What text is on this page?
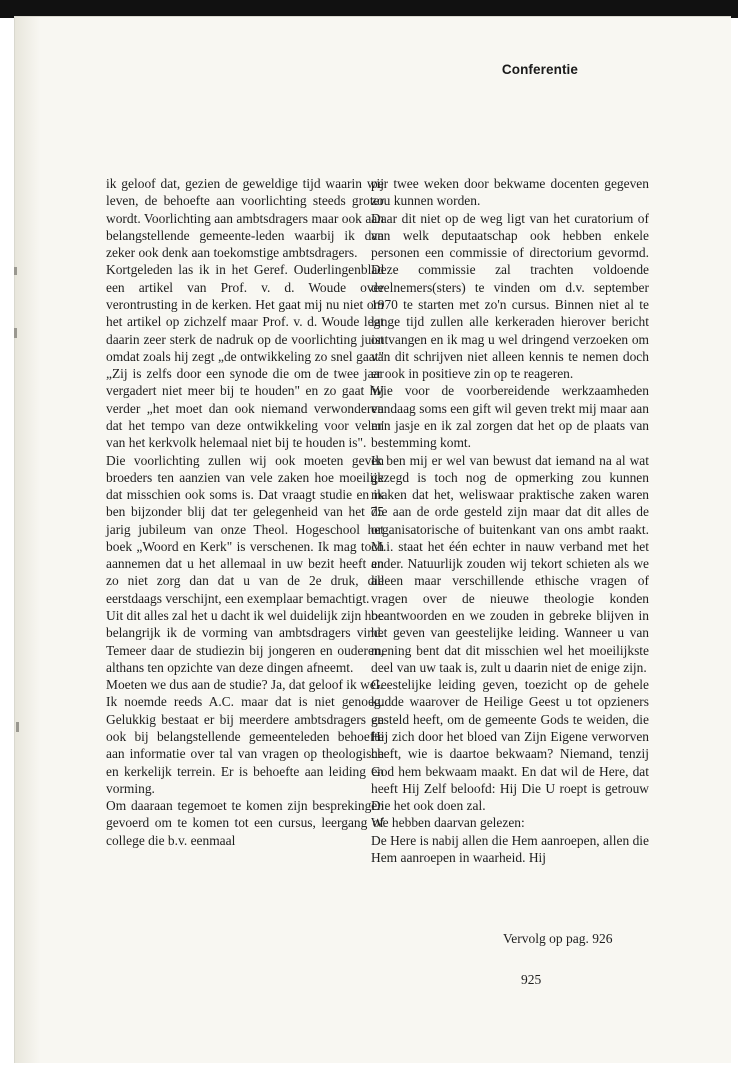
Conferentie

ik geloof dat, gezien de geweldige tijd waarin wij leven, de behoefte aan voorlichting steeds groter wordt. Voorlichting aan ambtsdragers maar ook aan belangstellende gemeente-leden waarbij ik dan zeker ook denk aan toekomstige ambtsdragers.

Kortgeleden las ik in het Geref. Ouderlingenblad een artikel van Prof. v. d. Woude over verontrusting in de kerken. Het gaat mij nu niet om het artikel op zichzelf maar Prof. v. d. Woude legt daarin zeer sterk de nadruk op de voorlichting juist omdat zoals hij zegt „de ontwikkeling zo snel gaat" „Zij is zelfs door een synode die om de twee jaar vergadert niet meer bij te houden" en zo gaat hij verder „het moet dan ook niemand verwonderen dat het tempo van deze ontwikkeling voor velen van het kerkvolk helemaal niet bij te houden is".

Die voorlichting zullen wij ook moeten geven broeders ten aanzien van vele zaken hoe moeilijk dat misschien ook soms is. Dat vraagt studie en ik ben bijzonder blij dat ter gelegenheid van het 75 jarig jubileum van onze Theol. Hogeschool het boek „Woord en Kerk" is verschenen. Ik mag toch aannemen dat u het allemaal in uw bezit heeft en zo niet zorg dan dat u van de 2e druk, die eerstdaags verschijnt, een exemplaar bemachtigt.

Uit dit alles zal het u dacht ik wel duidelijk zijn hoe belangrijk ik de vorming van ambtsdragers vind. Temeer daar de studiezin bij jongeren en ouderen, althans ten opzichte van deze dingen afneemt.

Moeten we dus aan de studie? Ja, dat geloof ik wel.

Ik noemde reeds A.C. maar dat is niet genoeg. Gelukkig bestaat er bij meerdere ambtsdragers en ook bij belangstellende gemeenteleden behoefte aan informatie over tal van vragen op theologisch en kerkelijk terrein. Er is behoefte aan leiding en vorming.

Om daaraan tegemoet te komen zijn besprekingen gevoerd om te komen tot een cursus, leergang of college die b.v. eenmaal

per twee weken door bekwame docenten gegeven zou kunnen worden.

Daar dit niet op de weg ligt van het curatorium of van welk deputaatschap ook hebben enkele personen een commissie of directorium gevormd. Deze commissie zal trachten voldoende deelnemers(sters) te vinden om d.v. september 1970 te starten met zo'n cursus. Binnen niet al te lange tijd zullen alle kerkeraden hierover bericht ontvangen en ik mag u wel dringend verzoeken om van dit schrijven niet alleen kennis te nemen doch er ook in positieve zin op te reageren.

Wie voor de voorbereidende werkzaamheden vandaag soms een gift wil geven trekt mij maar aan m'n jasje en ik zal zorgen dat het op de plaats van bestemming komt.

Ik ben mij er wel van bewust dat iemand na al wat gezegd is toch nog de opmerking zou kunnen maken dat het, weliswaar praktische zaken waren die aan de orde gesteld zijn maar dat dit alles de organisatorische of buitenkant van ons ambt raakt. M.i. staat het één echter in nauw verband met het ander. Natuurlijk zouden wij tekort schieten als we alleen maar verschillende ethische vragen of vragen over de nieuwe theologie konden beantwoorden en we zouden in gebreke blijven in het geven van geestelijke leiding. Wanneer u van mening bent dat dit misschien wel het moeilijkste deel van uw taak is, zult u daarin niet de enige zijn.

Geestelijke leiding geven, toezicht op de gehele kudde waarover de Heilige Geest u tot opzieners gesteld heeft, om de gemeente Gods te weiden, die Hij zich door het bloed van Zijn Eigene verworven heeft, wie is daartoe bekwaam? Niemand, tenzij God hem bekwaam maakt. En dat wil de Here, dat heeft Hij Zelf beloofd: Hij Die U roept is getrouw Die het ook doen zal.

We hebben daarvan gelezen:

De Here is nabij allen die Hem aanroepen, allen die Hem aanroepen in waarheid. Hij

Vervolg op pag. 926
925
